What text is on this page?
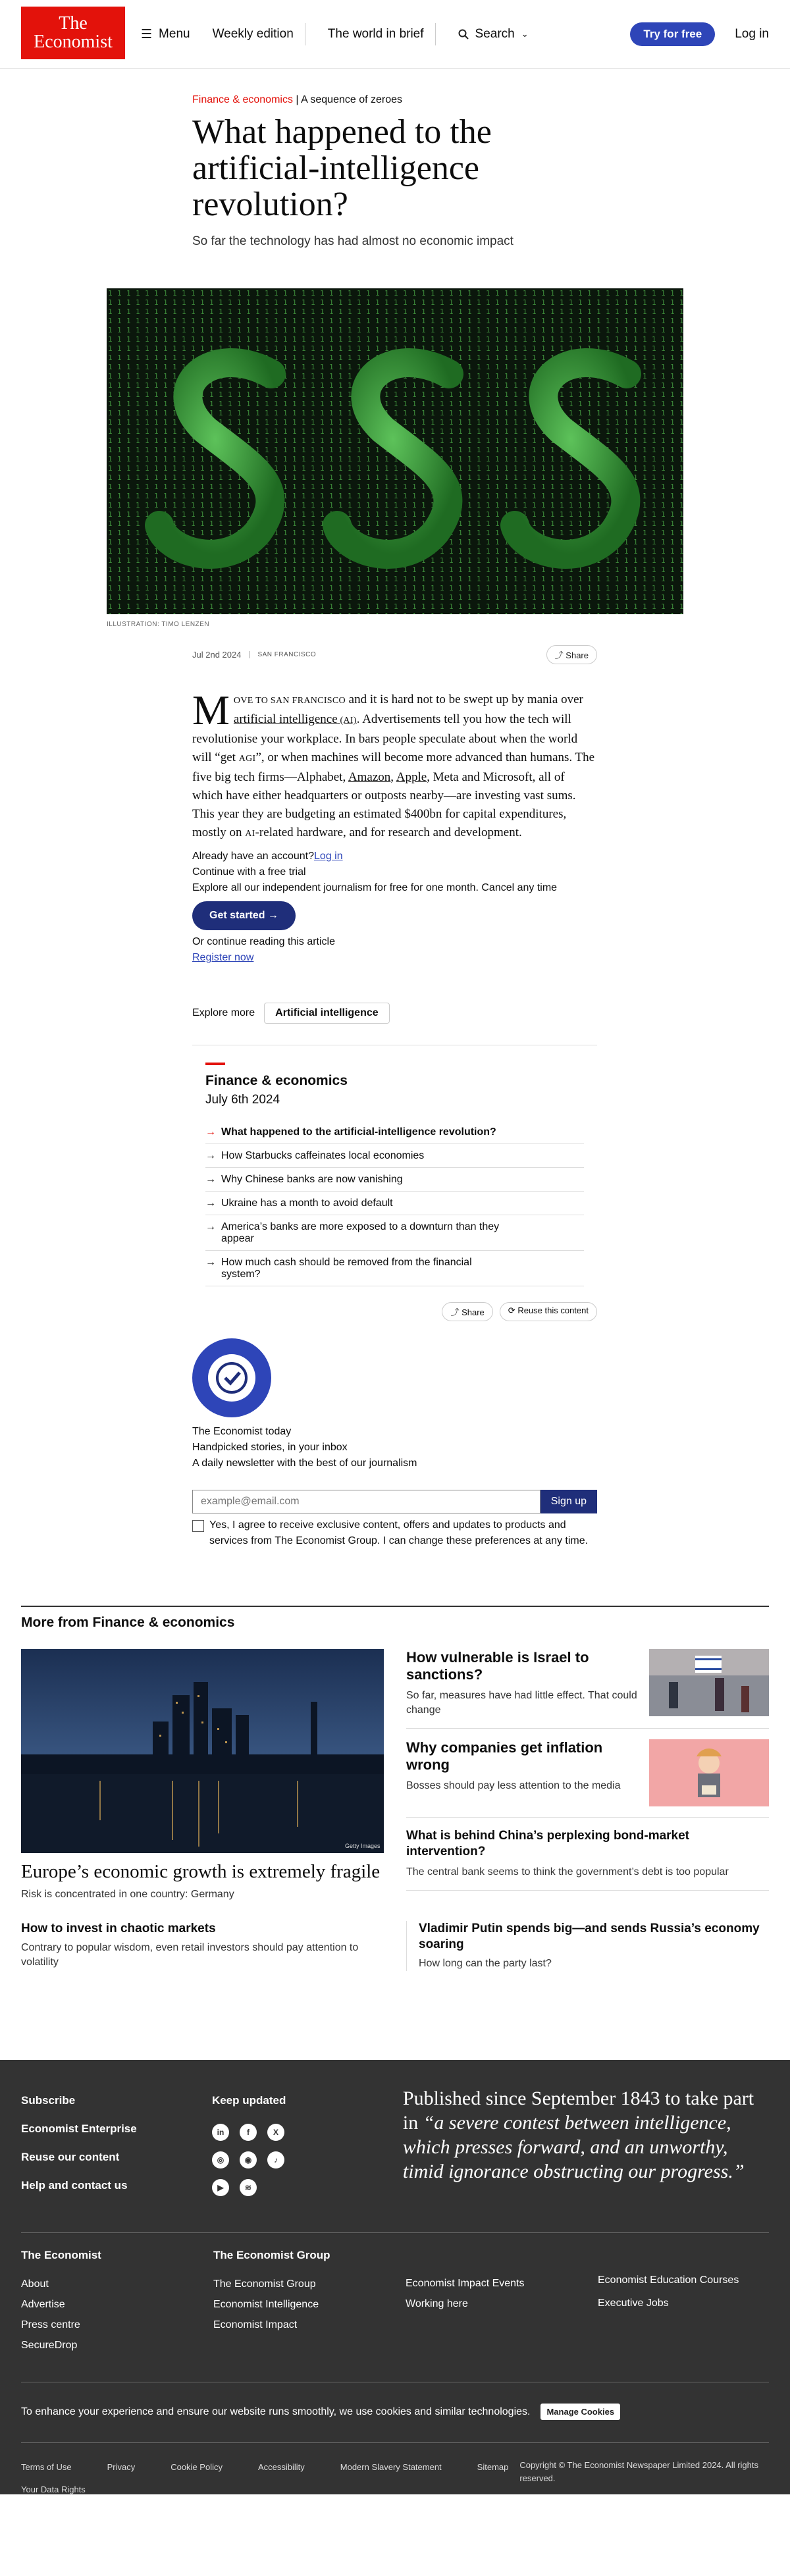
The
Economist	☰ Menu Weekly edition	The world in brief	Search ⌄	Try for free	Log in
Finance & economics | A sequence of zeroes
What happened to the artificial-intelligence revolution?

So far the technology has had almost no economic impact

ILLUSTRATION: TIMO LENZEN
Jul 2nd 2024	SAN FRANCISCO	⤴ Share
MOVE TO SAN FRANCISCO and it is hard not to be swept up by mania over artificial intelligence (AI). Advertisements tell you how the tech will revolutionise your workplace. In bars people speculate about when the world will “get AGI”, or when machines will become more advanced than humans. The five big tech firms—Alphabet, Amazon, Apple, Meta and Microsoft, all of which have either headquarters or outposts nearby—are investing vast sums. This year they are budgeting an estimated $400bn for capital expenditures, mostly on AI-related hardware, and for research and development.
Already have an account?Log in
Continue with a free trial
Explore all our independent journalism for free for one month. Cancel any time
Get started →
Or continue reading this article
Register now
Explore more	Artificial intelligence
Finance & economics
July 6th 2024
→ What happened to the artificial-intelligence revolution?
→ How Starbucks caffeinates local economies
→ Why Chinese banks are now vanishing
→ Ukraine has a month to avoid default
→ America’s banks are more exposed to a downturn than they appear
→ How much cash should be removed from the financial system?
⤴ Share	⟳ Reuse this content
The Economist today
Handpicked stories, in your inbox
A daily newsletter with the best of our journalism
example@email.com
Sign up
Yes, I agree to receive exclusive content, offers and updates to products and services from The Economist Group. I can change these preferences at any time.
More from Finance & economics
Getty Images
Europe’s economic growth is extremely fragile

Risk is concentrated in one country: Germany

How vulnerable is Israel to sanctions?

So far, measures have had little effect. That could change

Why companies get inflation wrong

Bosses should pay less attention to the media

What is behind China’s perplexing bond-market intervention?

The central bank seems to think the government’s debt is too popular

How to invest in chaotic markets

Contrary to popular wisdom, even retail investors should pay attention to volatility

Vladimir Putin spends big—and sends Russia’s economy soaring

How long can the party last?

Subscribe
Economist Enterprise
Reuse our content
Help and contact us
Keep updated
in	f	X
◎	◉	♪
▶	≋
Published since September 1843 to take part in “a severe contest between intelligence, which presses forward, and an unworthy, timid ignorance obstructing our progress.”
The Economist
About
Advertise
Press centre
SecureDrop
The Economist Group
The Economist Group
Economist Intelligence
Economist Impact
Economist Impact Events
Working here
Economist Education Courses
Executive Jobs
To enhance your experience and ensure our website runs smoothly, we use cookies and similar technologies.	Manage Cookies
Terms of Use	Privacy	Cookie Policy	Accessibility	Modern Slavery Statement	Sitemap
Your Data Rights
Copyright © The Economist Newspaper Limited 2024. All rights reserved.
